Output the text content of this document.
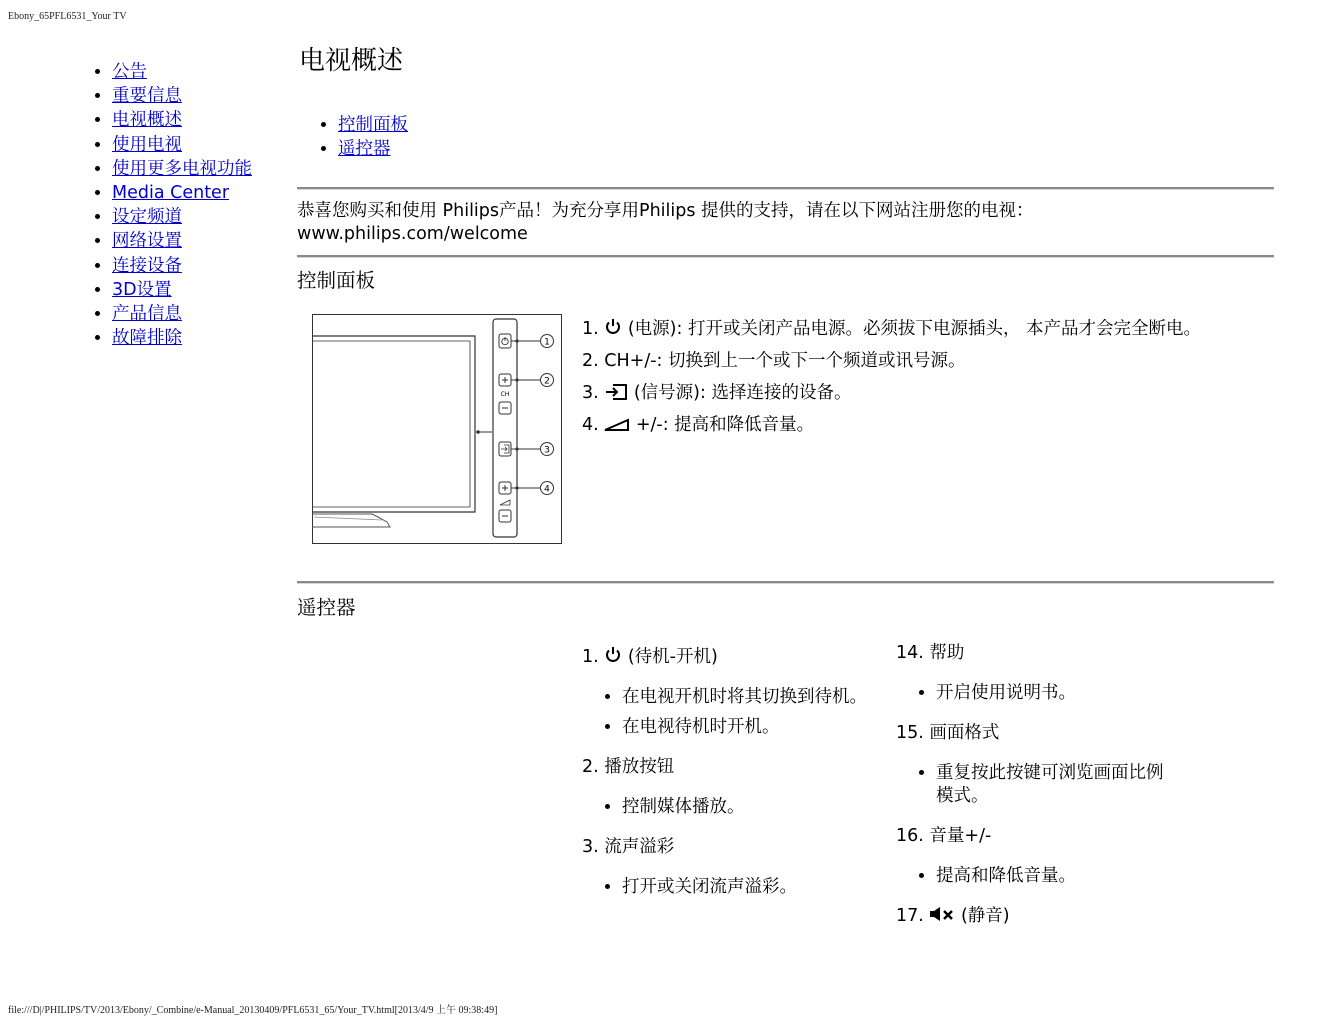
Ebony_65PFL6531_Your TV
• 公告
• 重要信息
• 电视概述
• 使用电视
• 使用更多电视功能
• Media Center
• 设定频道
• 网络设置
• 连接设备
• 3D设置
• 产品信息
• 故障排除
电视概述
• 控制面板
• 遥控器
恭喜您购买和使用 Philips产品！为充分享用Philips 提供的支持，请在以下网站注册您的电视：
www.philips.com/welcome
控制面板
CH
1
2
3
4

1.  (电源): 打开或关闭产品电源。必须拔下电源插头， 本产品才会完全断电。

2. CH+/-: 切换到上一个或下一个频道或讯号源。

3.  (信号源): 选择连接的设备。

4.  +/-: 提高和降低音量。

遥控器

1.  (待机-开机)

• 在电视开机时将其切换到待机。
• 在电视待机时开机。

2. 播放按钮

• 控制媒体播放。

3. 流声溢彩

• 打开或关闭流声溢彩。

14. 帮助

• 开启使用说明书。

15. 画面格式

• 重复按此按键可浏览画面比例模式。

16. 音量+/-

• 提高和降低音量。

17.  (静音)

file:///D|/PHILIPS/TV/2013/Ebony/_Combine/e-Manual_20130409/PFL6531_65/Your_TV.html[2013/4/9 上午 09:38:49]
